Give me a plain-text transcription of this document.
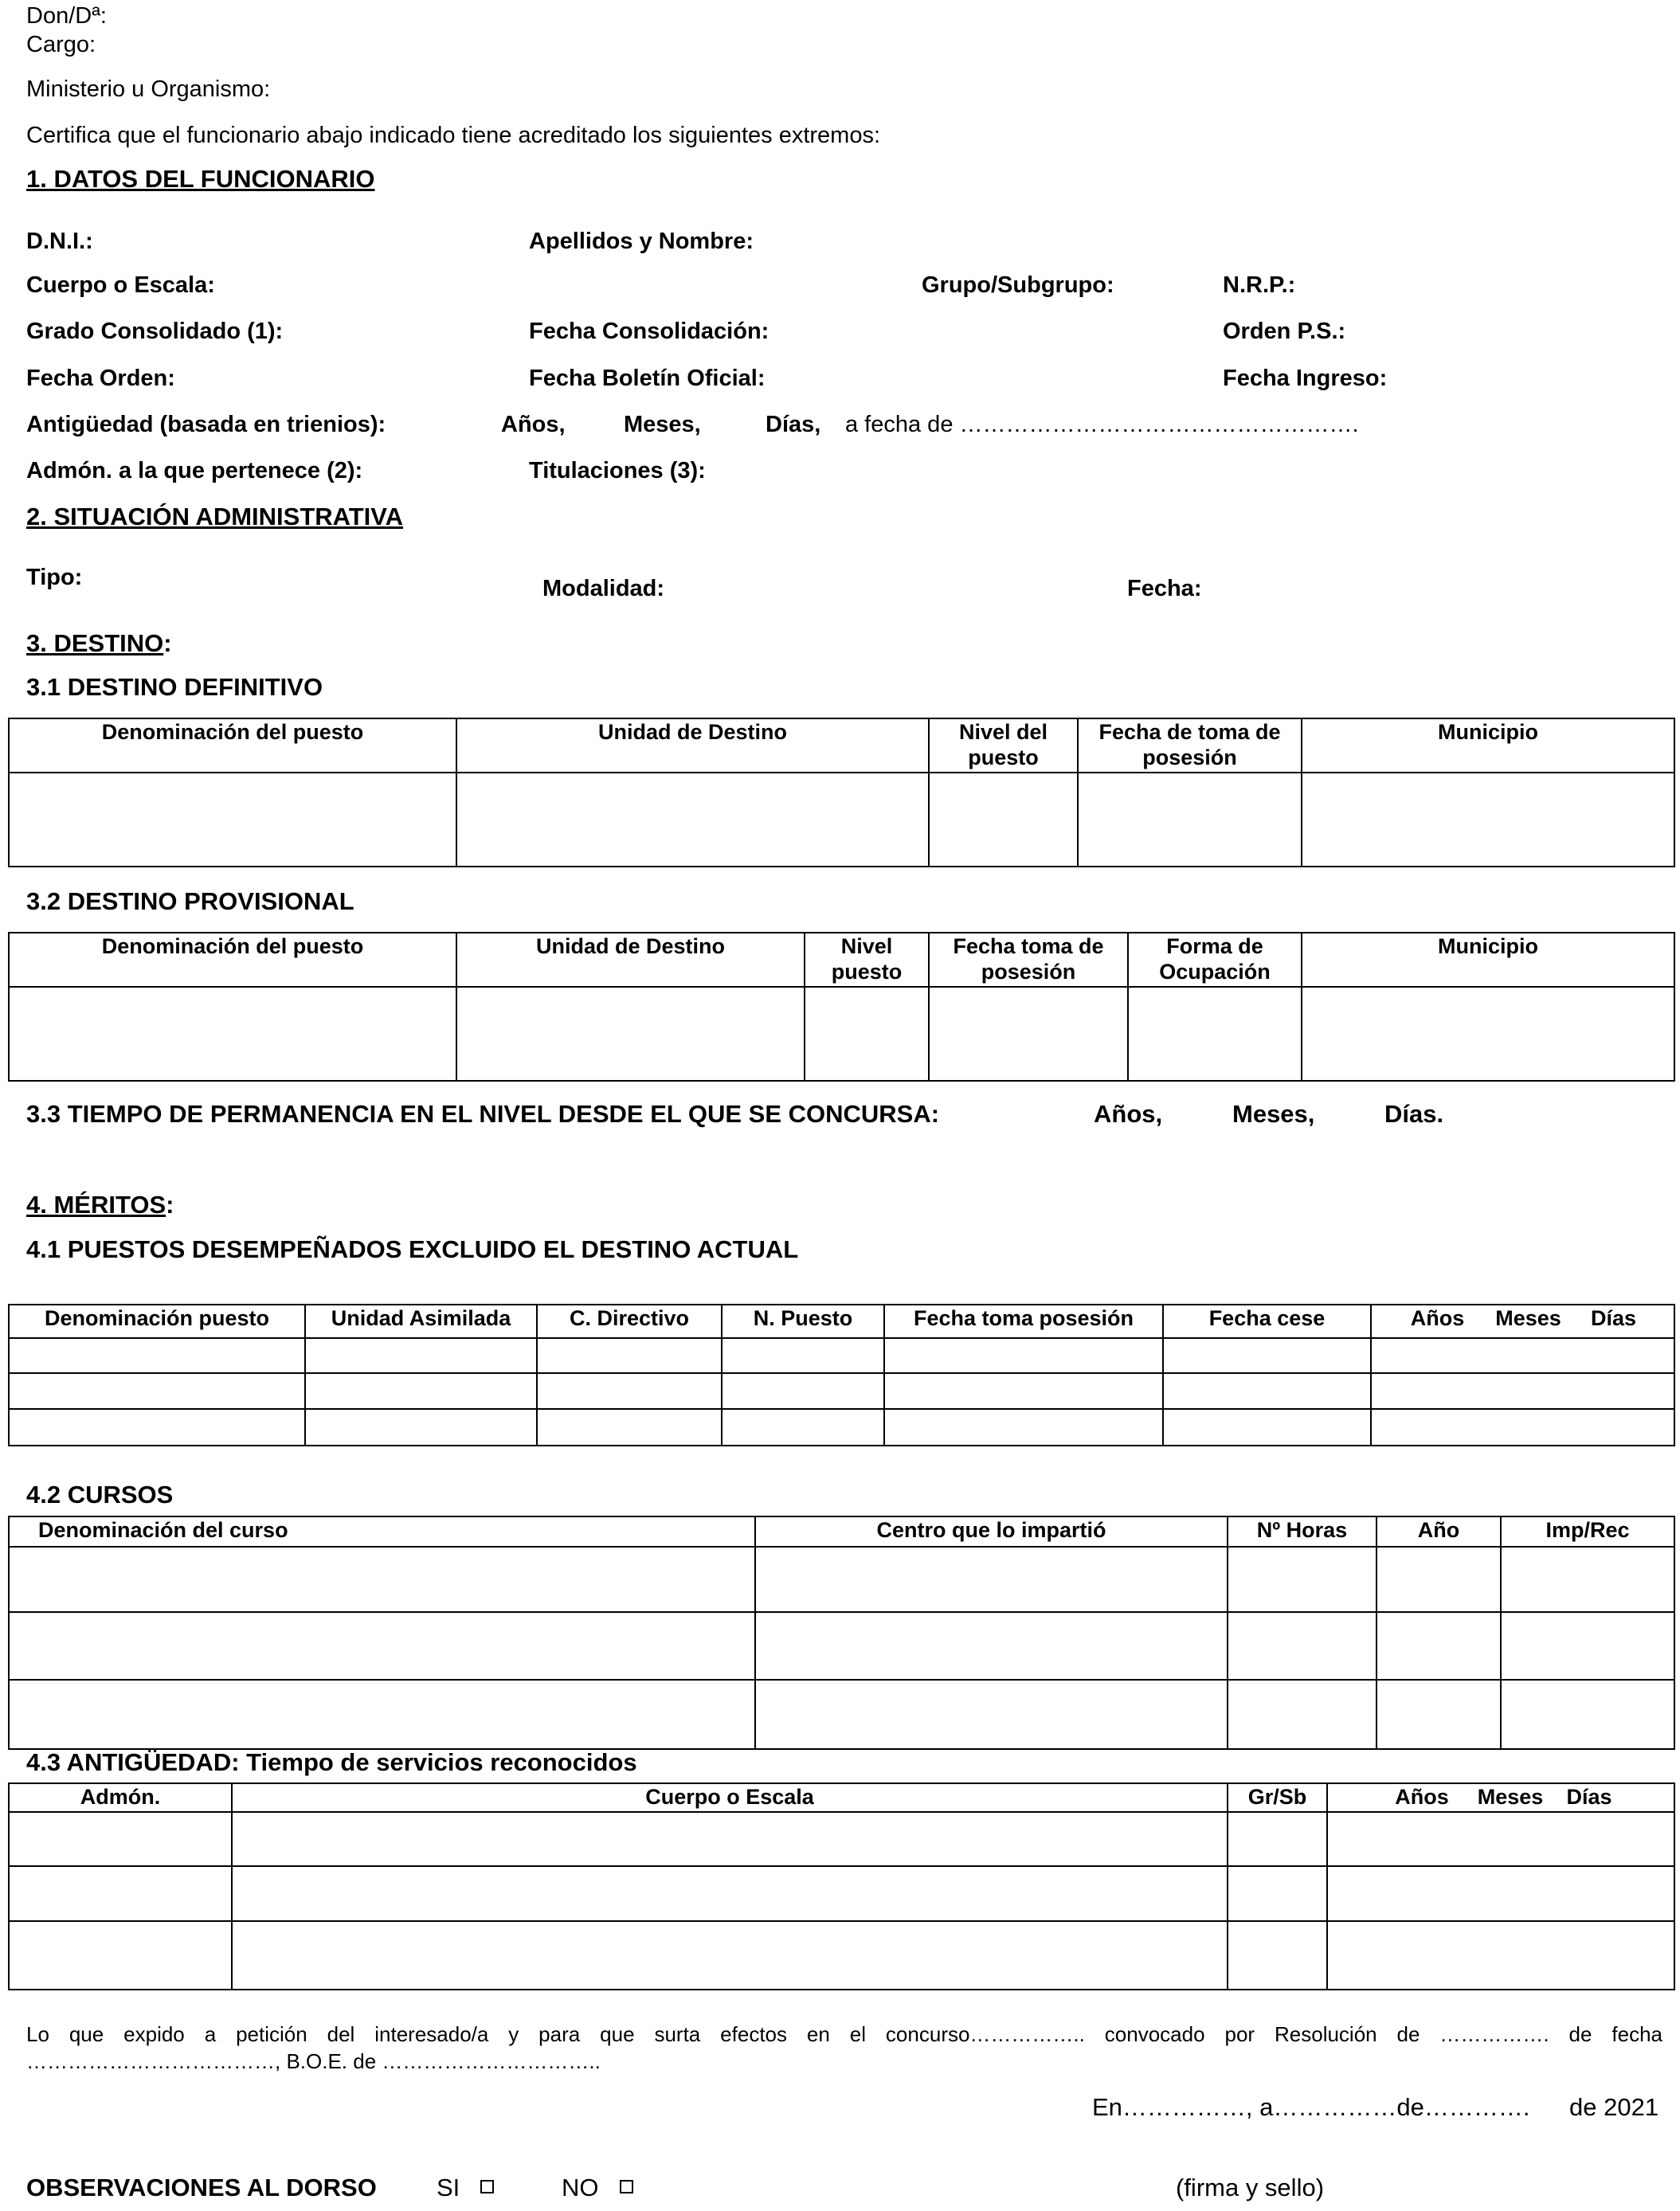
Don/Dª:
Cargo:
Ministerio u Organismo:
Certifica que el funcionario abajo indicado tiene acreditado los siguientes extremos:
1. DATOS DEL FUNCIONARIO
D.N.I.:	Apellidos y Nombre:
Cuerpo o Escala:	Grupo/Subgrupo:	N.R.P.:
Grado Consolidado (1):	Fecha Consolidación:	Orden P.S.:
Fecha Orden:	Fecha Boletín Oficial:	Fecha Ingreso:
Antigüedad (basada en trienios):	Años,	Meses,	Días, a fecha de …………………………………………….
Admón. a la que pertenece (2):	Titulaciones (3):
2. SITUACIÓN ADMINISTRATIVA
Tipo:	Modalidad:	Fecha:
3. DESTINO:
3.1 DESTINO DEFINITIVO
Denominación del puesto	Unidad de Destino	Nivel del puesto	Fecha de toma de posesión	Municipio

3.2 DESTINO PROVISIONAL
Denominación del puesto	Unidad de Destino	Nivel puesto	Fecha toma de posesión	Forma de Ocupación	Municipio

3.3 TIEMPO DE PERMANENCIA EN EL NIVEL DESDE EL QUE SE CONCURSA:	Años,	Meses,	Días.
4. MÉRITOS:
4.1 PUESTOS DESEMPEÑADOS EXCLUIDO EL DESTINO ACTUAL
Denominación puesto	Unidad Asimilada	C. Directivo	N. Puesto	Fecha toma posesión	Fecha cese	Años Meses Días

4.2 CURSOS
Denominación del curso	Centro que lo impartió	Nº Horas	Año	Imp/Rec

4.3 ANTIGÜEDAD: Tiempo de servicios reconocidos
Admón.	Cuerpo o Escala	Gr/Sb	Años Meses Días

Lo que expido a petición del interesado/a y para que surta efectos en el concurso…………….. convocado por Resolución de ……………. de fecha
………………………………, B.O.E. de …………………………..
En……………, a……………de…………. de 2021
OBSERVACIONES AL DORSO SI	NO	(firma y sello)
